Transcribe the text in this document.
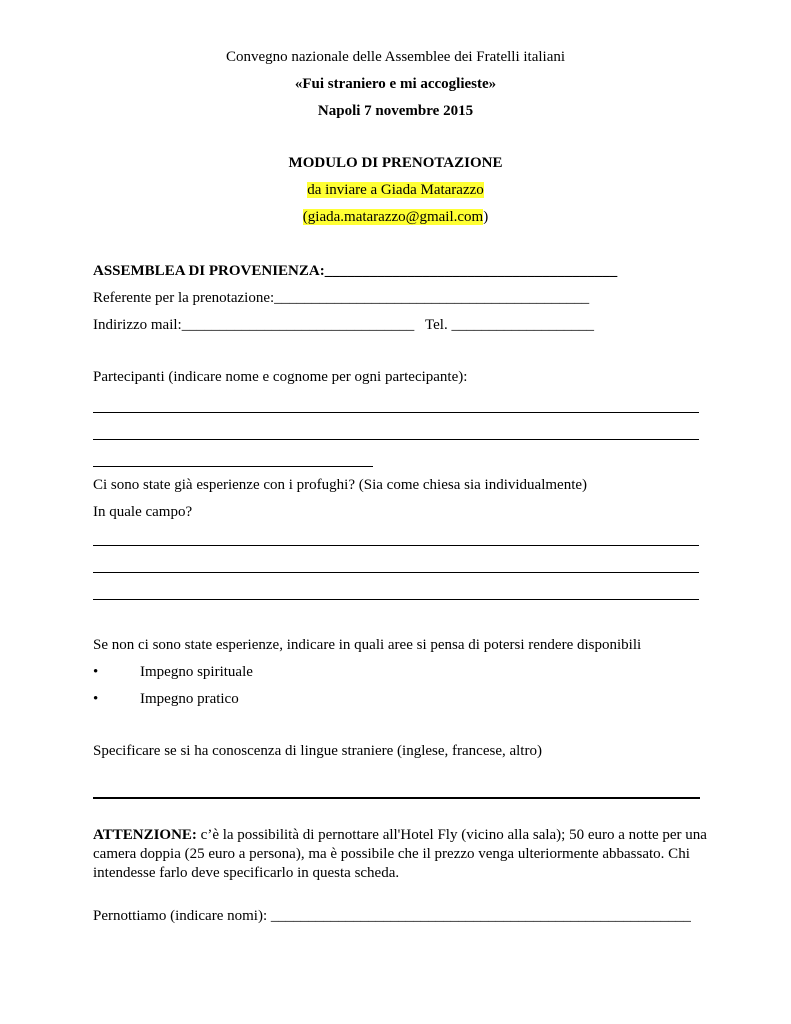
Convegno nazionale delle Assemblee dei Fratelli italiani
«Fui straniero e mi accoglieste»
Napoli 7 novembre 2015
MODULO DI PRENOTAZIONE
da inviare a Giada Matarazzo
(giada.matarazzo@gmail.com)
ASSEMBLEA DI PROVENIENZA:_______________________________________
Referente per la prenotazione:__________________________________________
Indirizzo mail:_______________________________ Tel. ___________________
Partecipanti (indicare nome e cognome per ogni partecipante):
Ci sono state già esperienze con i profughi? (Sia come chiesa sia individualmente)
In quale campo?
Se non ci sono state esperienze, indicare in quali aree si pensa di potersi rendere disponibili
•	Impegno spirituale
•	Impegno pratico
Specificare se si ha conoscenza di lingue straniere (inglese, francese, altro)
ATTENZIONE: c’è la possibilità di pernottare all'Hotel Fly (vicino alla sala); 50 euro a notte per una camera doppia (25 euro a persona), ma è possibile che il prezzo venga ulteriormente abbassato. Chi intendesse farlo deve specificarlo in questa scheda.
Pernottiamo (indicare nomi): ________________________________________________________
